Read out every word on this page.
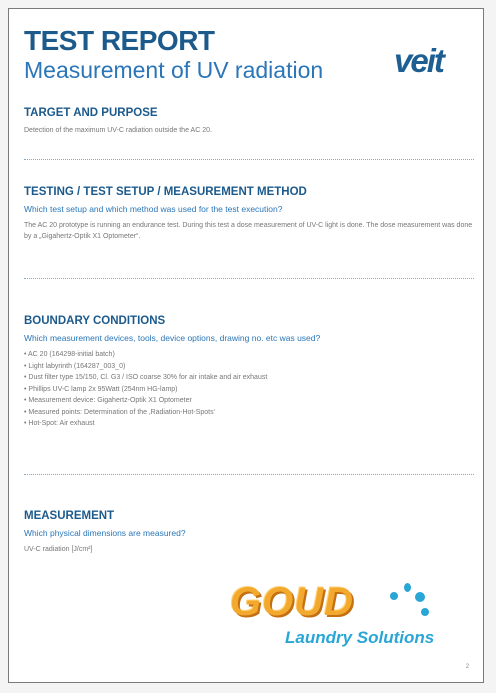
TEST REPORT
Measurement of UV radiation veit

TARGET AND PURPOSE

Detection of the maximum UV-C radiation outside the AC 20.

TESTING / TEST SETUP / MEASUREMENT METHOD

Which test setup and which method was used for the test execution?

The AC 20 prototype is running an endurance test. During this test a dose measurement of UV-C light is done. The dose measurement was done by a „Gigahertz-Optik X1 Optometer“.

BOUNDARY CONDITIONS

Which measurement devices, tools, device options, drawing no. etc was used?

• AC 20 (164298-initial batch)
• Light labyrinth (164287_003_0)
• Dust filter type 15/150, Cl. G3 / ISO coarse 30% for air intake and air exhaust
• Phillips UV-C lamp 2x 95Watt (254nm HG-lamp)
• Measurement device: Gigahertz-Optik X1 Optometer
• Measured points: Determination of the ‚Radiation-Hot-Spots‘
• Hot-Spot: Air exhaust

MEASUREMENT

Which physical dimensions are measured?

UV-C radiation [J/cm²]

2
GOUD
Laundry Solutions
